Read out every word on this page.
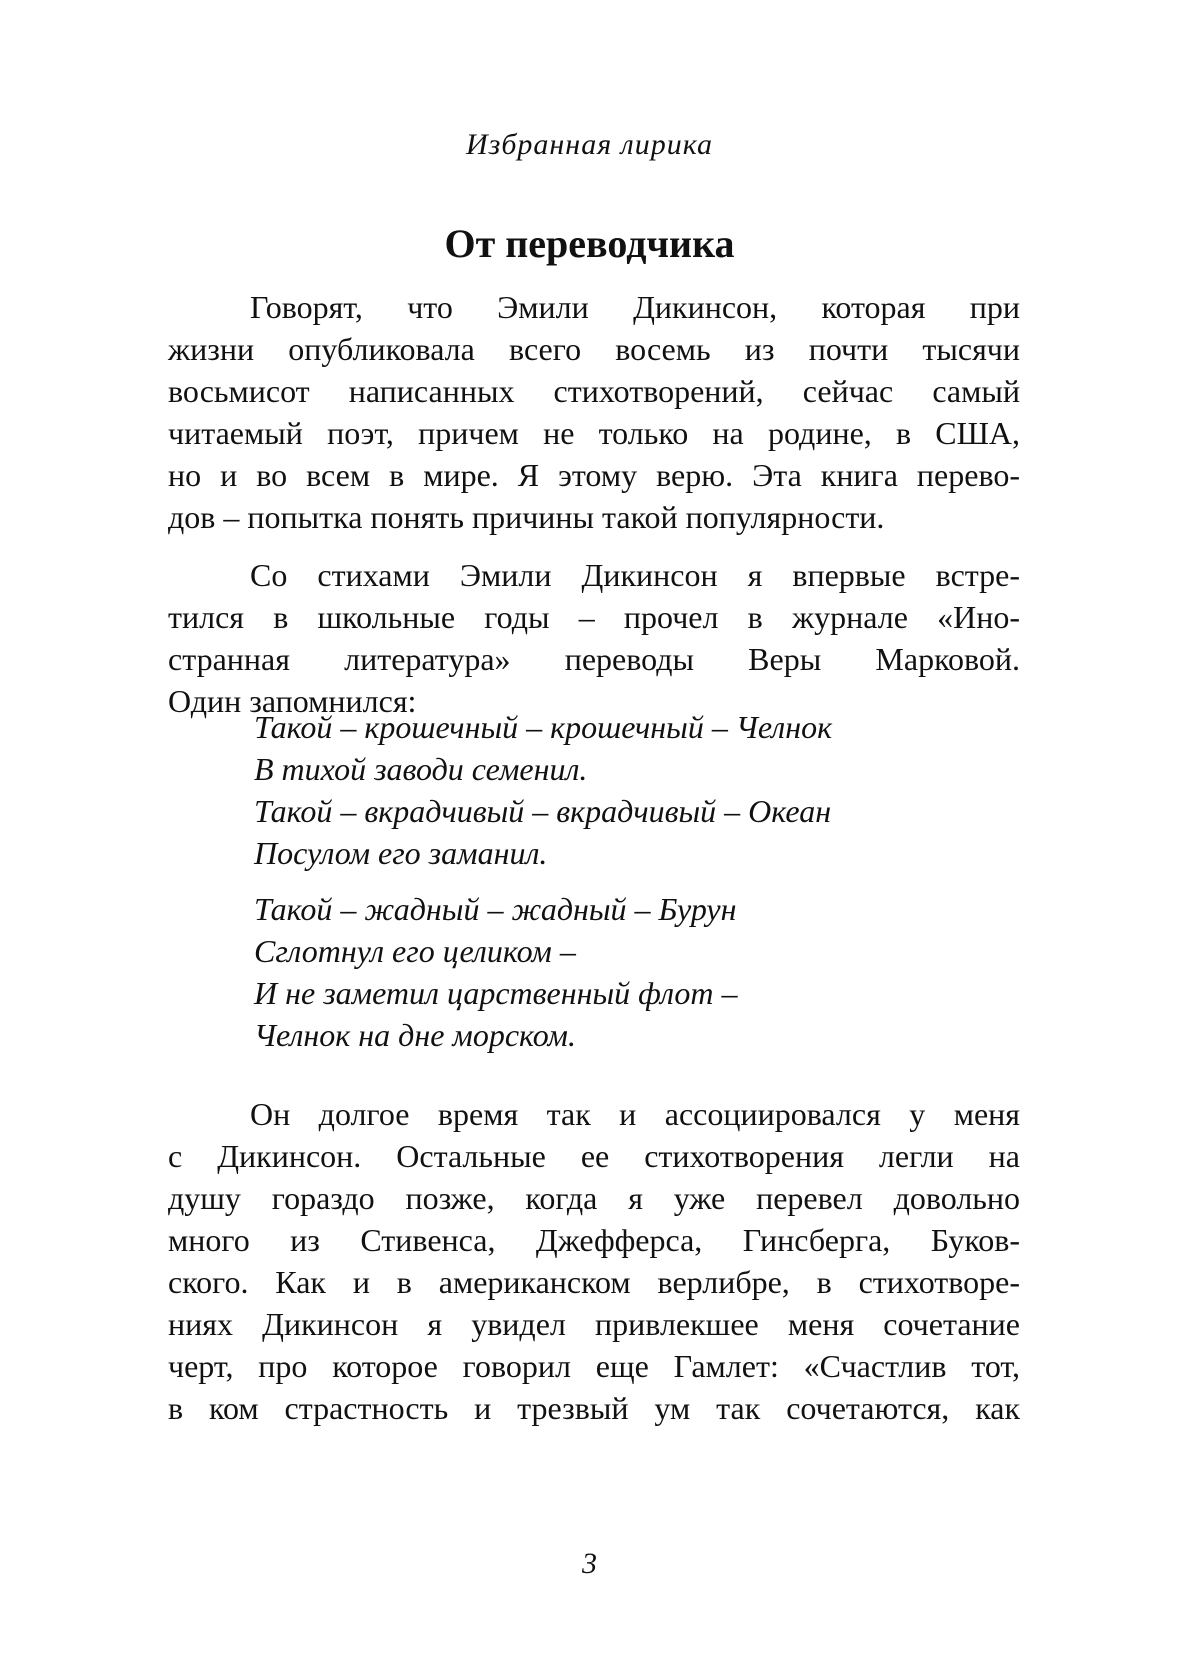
Избранная лирика
От переводчика

Говорят, что Эмили Дикинсон, которая при
жизни опубликовала всего восемь из почти тысячи
восьмисот написанных стихотворений, сейчас самый
читаемый поэт, причем не только на родине, в США,
но и во всем в мире. Я этому верю. Эта книга перево-
дов – попытка понять причины такой популярности.

Со стихами Эмили Дикинсон я впервые встре-
тился в школьные годы – прочел в журнале «Ино-
странная литература» переводы Веры Марковой.
Один запомнился:

Такой – крошечный – крошечный – Челнок
В тихой заводи семенил.
Такой – вкрадчивый – вкрадчивый – Океан
Посулом его заманил.
Такой – жадный – жадный – Бурун
Сглотнул его целиком –
И не заметил царственный флот –
Челнок на дне морском.

Он долгое время так и ассоциировался у меня
с Дикинсон. Остальные ее стихотворения легли на
душу гораздо позже, когда я уже перевел довольно
много из Стивенса, Джефферса, Гинсберга, Буков-
ского. Как и в американском верлибре, в стихотворе-
ниях Дикинсон я увидел привлекшее меня сочетание
черт, про которое говорил еще Гамлет: «Счастлив тот,
в ком страстность и трезвый ум так сочетаются, как

3
